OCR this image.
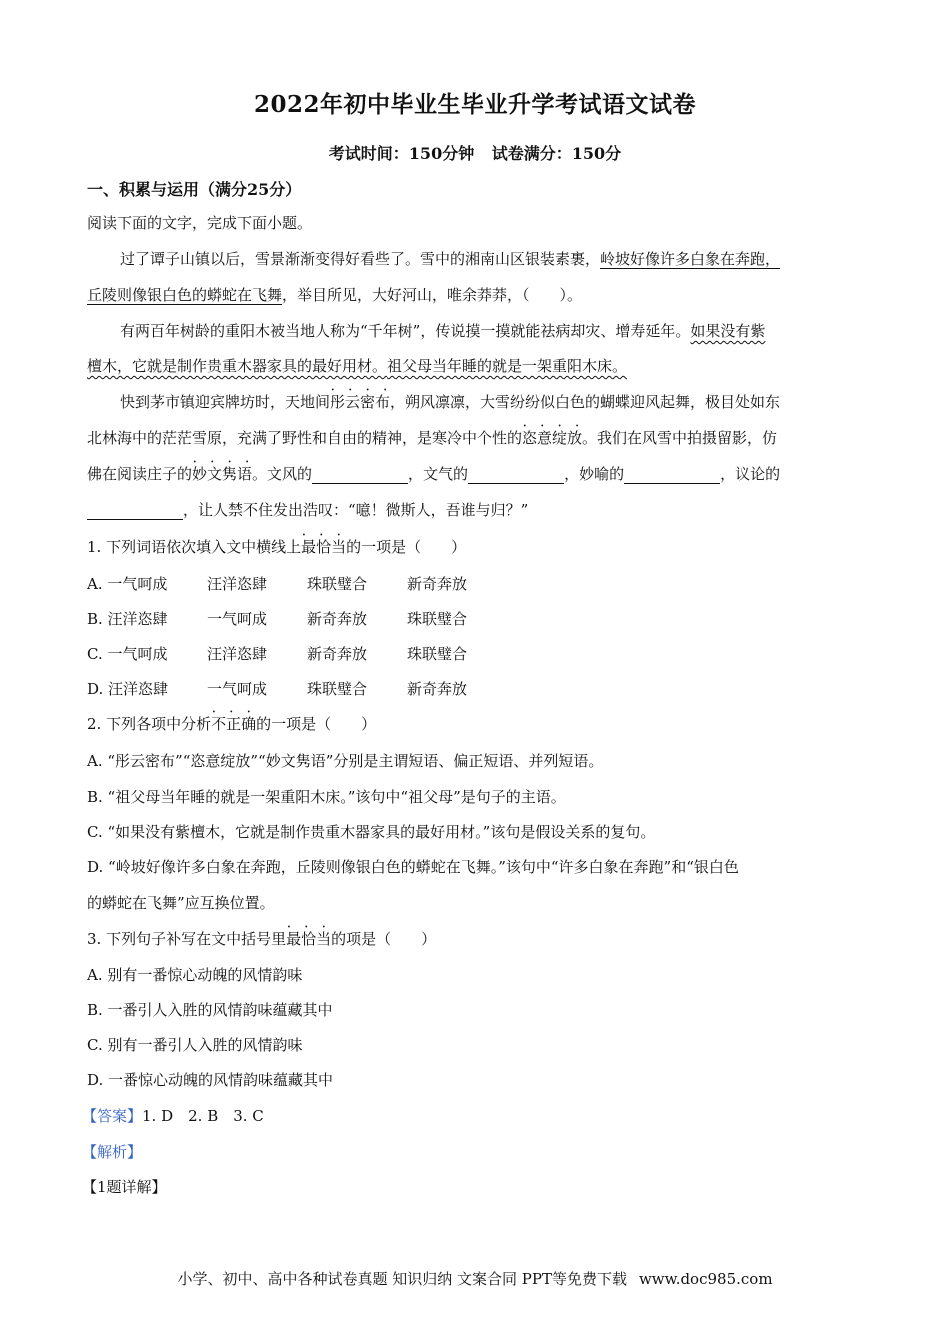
2022年初中毕业生毕业升学考试语文试卷
考试时间：150分钟 试卷满分：150分
一、积累与运用（满分25分）
阅读下面的文字，完成下面小题。
过了谭子山镇以后，雪景渐渐变得好看些了。雪中的湘南山区银装素裹，岭坡好像许多白象在奔跑，
丘陵则像银白色的蟒蛇在飞舞，举目所见，大好河山，唯余莽莽，（　　）。
有两百年树龄的重阳木被当地人称为“千年树”，传说摸一摸就能祛病却灾、增寿延年。如果没有紫
檀木，它就是制作贵重木器家具的最好用材。祖父母当年睡的就是一架重阳木床。
快到茅市镇迎宾牌坊时，天地间• • • • 彤云密布，朔风凛凛，大雪纷纷似白色的蝴蝶迎风起舞，极目处如东
北林海中的茫茫雪原，充满了野性和自由的精神，是寒冷中个性的• • • • 恣意绽放。我们在风雪中拍摄留影，仿
佛在阅读庄子的• • • • 妙文隽语。文风的	，文气的	，妙喻的	，议论的
，让人禁不住发出浩叹：“噫！微斯人，吾谁与归？”
1. 下列词语依次填入文中横线上• • • 最恰当的一项是（　　）
A. 一气呵成	汪洋恣肆	珠联璧合	新奇奔放
B. 汪洋恣肆	一气呵成	新奇奔放	珠联璧合
C. 一气呵成	汪洋恣肆	新奇奔放	珠联璧合
D. 汪洋恣肆	一气呵成	珠联璧合	新奇奔放
2. 下列各项中分析• • • 不正确的一项是（　　）
A. “彤云密布”“恣意绽放”“妙文隽语”分别是主谓短语、偏正短语、并列短语。
B. “祖父母当年睡的就是一架重阳木床。”该句中“祖父母”是句子的主语。
C. “如果没有紫檀木，它就是制作贵重木器家具的最好用材。”该句是假设关系的复句。
D. “岭坡好像许多白象在奔跑，丘陵则像银白色的蟒蛇在飞舞。”该句中“许多白象在奔跑”和“银白色
的蟒蛇在飞舞”应互换位置。
3. 下列句子补写在文中括号里• • • 最恰当的项是（　　）
A. 别有一番惊心动魄的风情韵味
B. 一番引人入胜的风情韵味蕴藏其中
C. 别有一番引人入胜的风情韵味
D. 一番惊心动魄的风情韵味蕴藏其中
【答案】1. D　2. B　3. C
【解析】
【1题详解】
小学、初中、高中各种试卷真题 知识归纳 文案合同 PPT等免费下载 www.doc985.com
